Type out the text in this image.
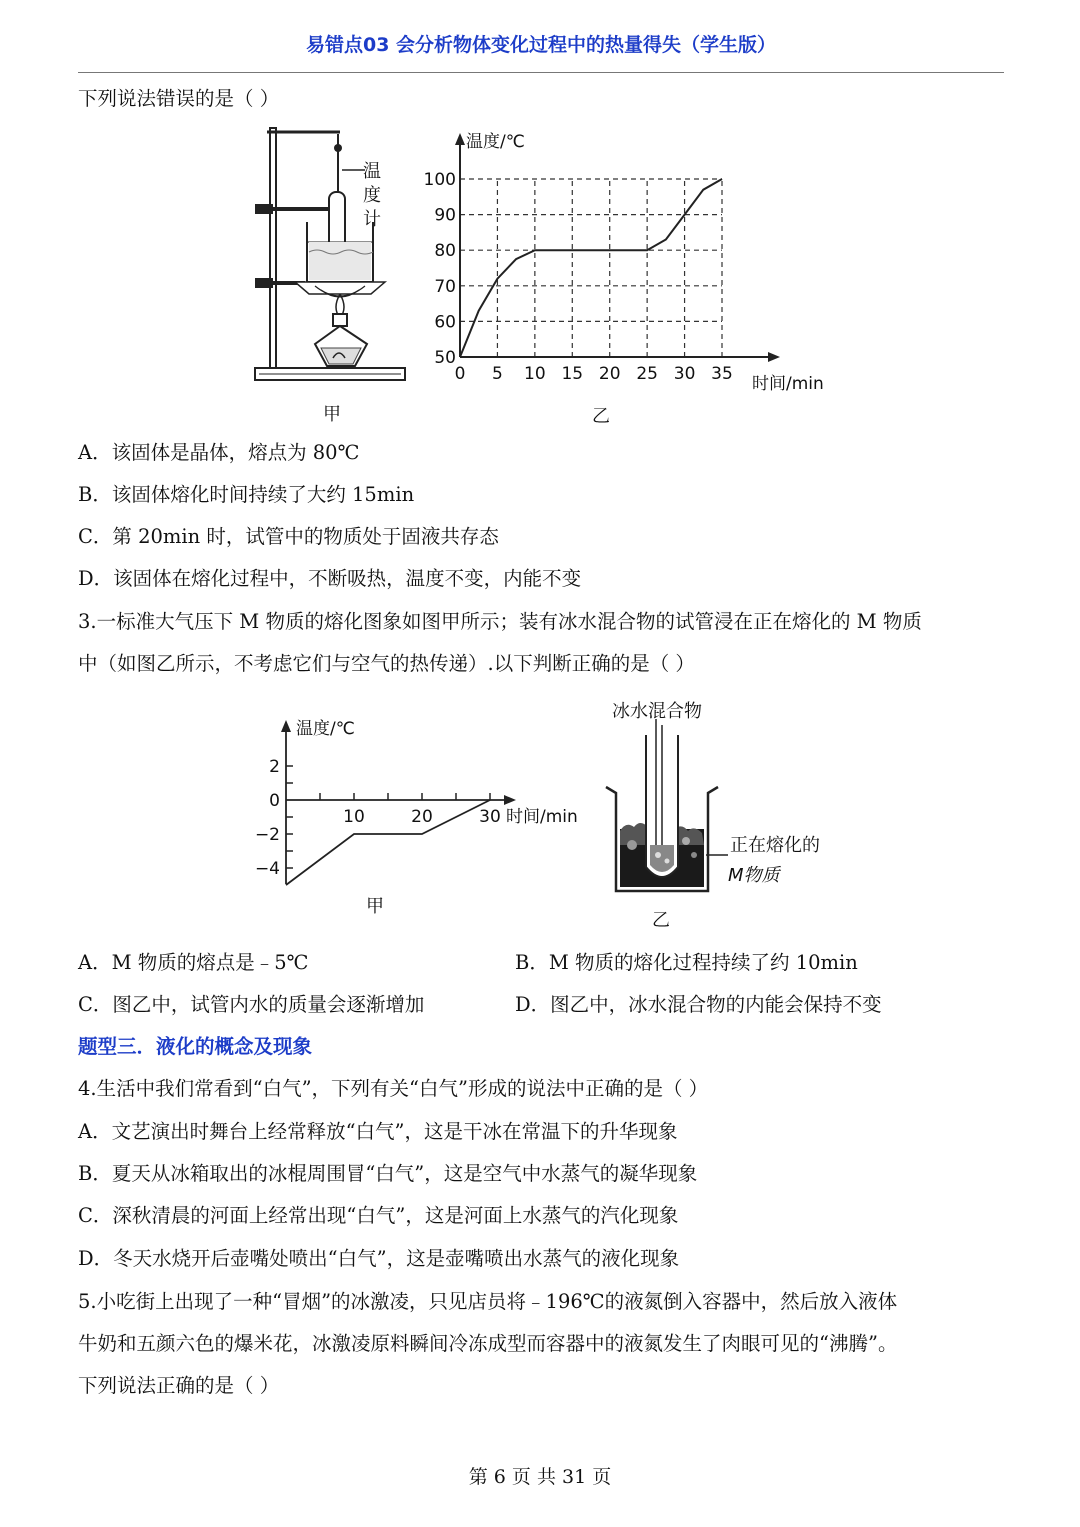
易错点03 会分析物体变化过程中的热量得失（学生版）
下列说法错误的是（ ）
温
度
计
甲
温度/℃
时间/min
0 5 10 15 20 25 30 35
50
60
70
80
90
100
乙
A．该固体是晶体，熔点为 80℃
B．该固体熔化时间持续了大约 15min
C．第 20min 时，试管中的物质处于固液共存态
D．该固体在熔化过程中，不断吸热，温度不变，内能不变
3.一标准大气压下 M 物质的熔化图象如图甲所示；装有冰水混合物的试管浸在正在熔化的 M 物质
中（如图乙所示，不考虑它们与空气的热传递）.以下判断正确的是（ ）
温度/℃
时间/min
10	20	30
2
0
−2
−4
甲
冰水混合物
正在熔化的
M物质
乙
A．M 物质的熔点是﹣5℃	B．M 物质的熔化过程持续了约 10min
C．图乙中，试管内水的质量会逐渐增加	D．图乙中，冰水混合物的内能会保持不变
题型三．液化的概念及现象
4.生活中我们常看到“白气”，下列有关“白气”形成的说法中正确的是（ ）
A．文艺演出时舞台上经常释放“白气”，这是干冰在常温下的升华现象
B．夏天从冰箱取出的冰棍周围冒“白气”，这是空气中水蒸气的凝华现象
C．深秋清晨的河面上经常出现“白气”，这是河面上水蒸气的汽化现象
D．冬天水烧开后壶嘴处喷出“白气”，这是壶嘴喷出水蒸气的液化现象
5.小吃街上出现了一种“冒烟”的冰激凌，只见店员将﹣196℃的液氮倒入容器中，然后放入液体
牛奶和五颜六色的爆米花，冰激凌原料瞬间冷冻成型而容器中的液氮发生了肉眼可见的“沸腾”。
下列说法正确的是（ ）
第 6 页 共 31 页
